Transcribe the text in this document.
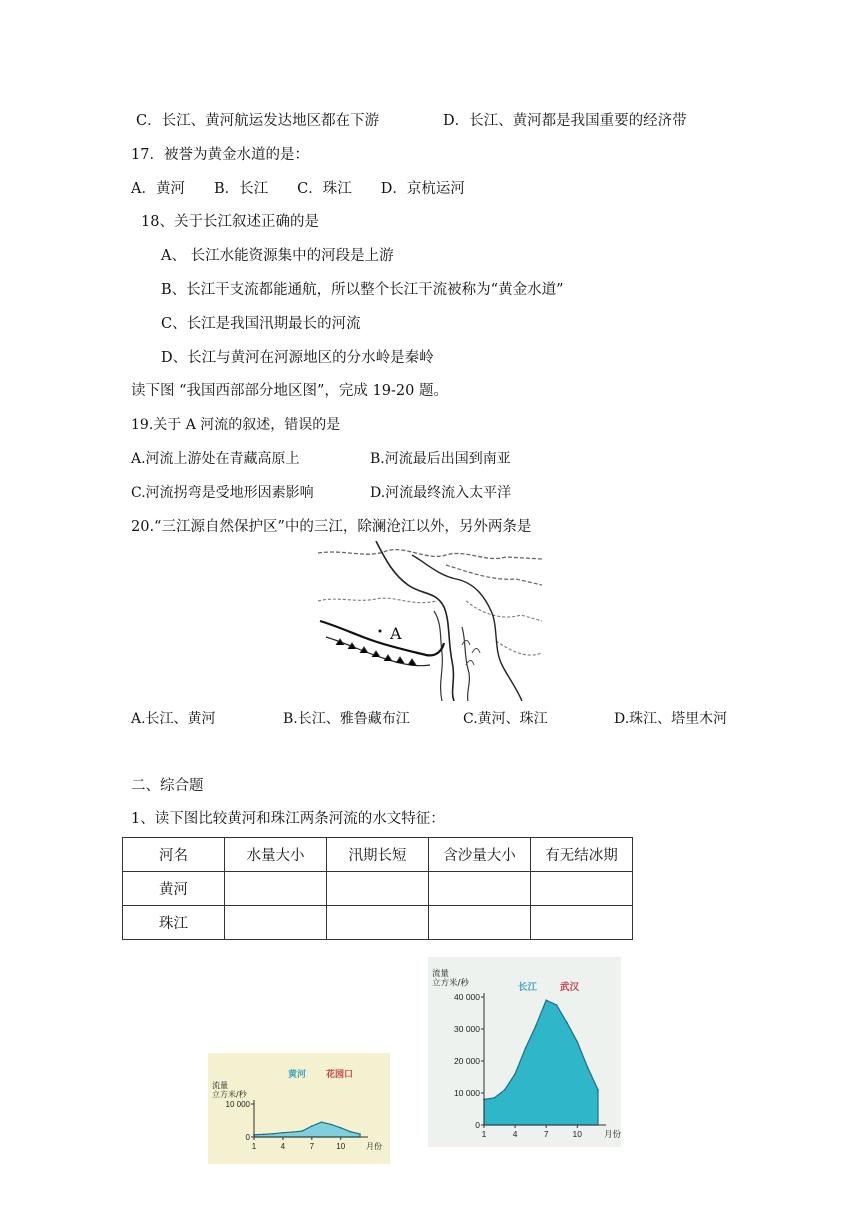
C．长江、黄河航运发达地区都在下游	D．长江、黄河都是我国重要的经济带
17．被誉为黄金水道的是：
A．黄河　　B．长江　　C．珠江　　D．京杭运河
18、关于长江叙述正确的是
A、 长江水能资源集中的河段是上游
B、长江干支流都能通航，所以整个长江干流被称为“黄金水道”
C、长江是我国汛期最长的河流
D、长江与黄河在河源地区的分水岭是秦岭
读下图 “我国西部部分地区图”，完成 19-20 题。
19.关于 A 河流的叙述，错误的是
A.河流上游处在青藏高原上	B.河流最后出国到南亚
C.河流拐弯是受地形因素影响	D.河流最终流入太平洋
20.“三江源自然保护区”中的三江，除澜沧江以外，另外两条是
A
A.长江、黄河	B.长江、雅鲁藏布江	C.黄河、珠江	D.珠江、塔里木河
二、综合题
1、读下图比较黄河和珠江两条河流的水文特征：
河名	水量大小	汛期长短	含沙量大小	有无结冰期
黄河				
珠江				
0
10 000
1	4	7	10	月份
流量
立方米/秒
黄河 花园口
0
10 000
20 000
30 000
40 000
1	4	7	10	月份
流量
立方米/秒	长江 武汉
